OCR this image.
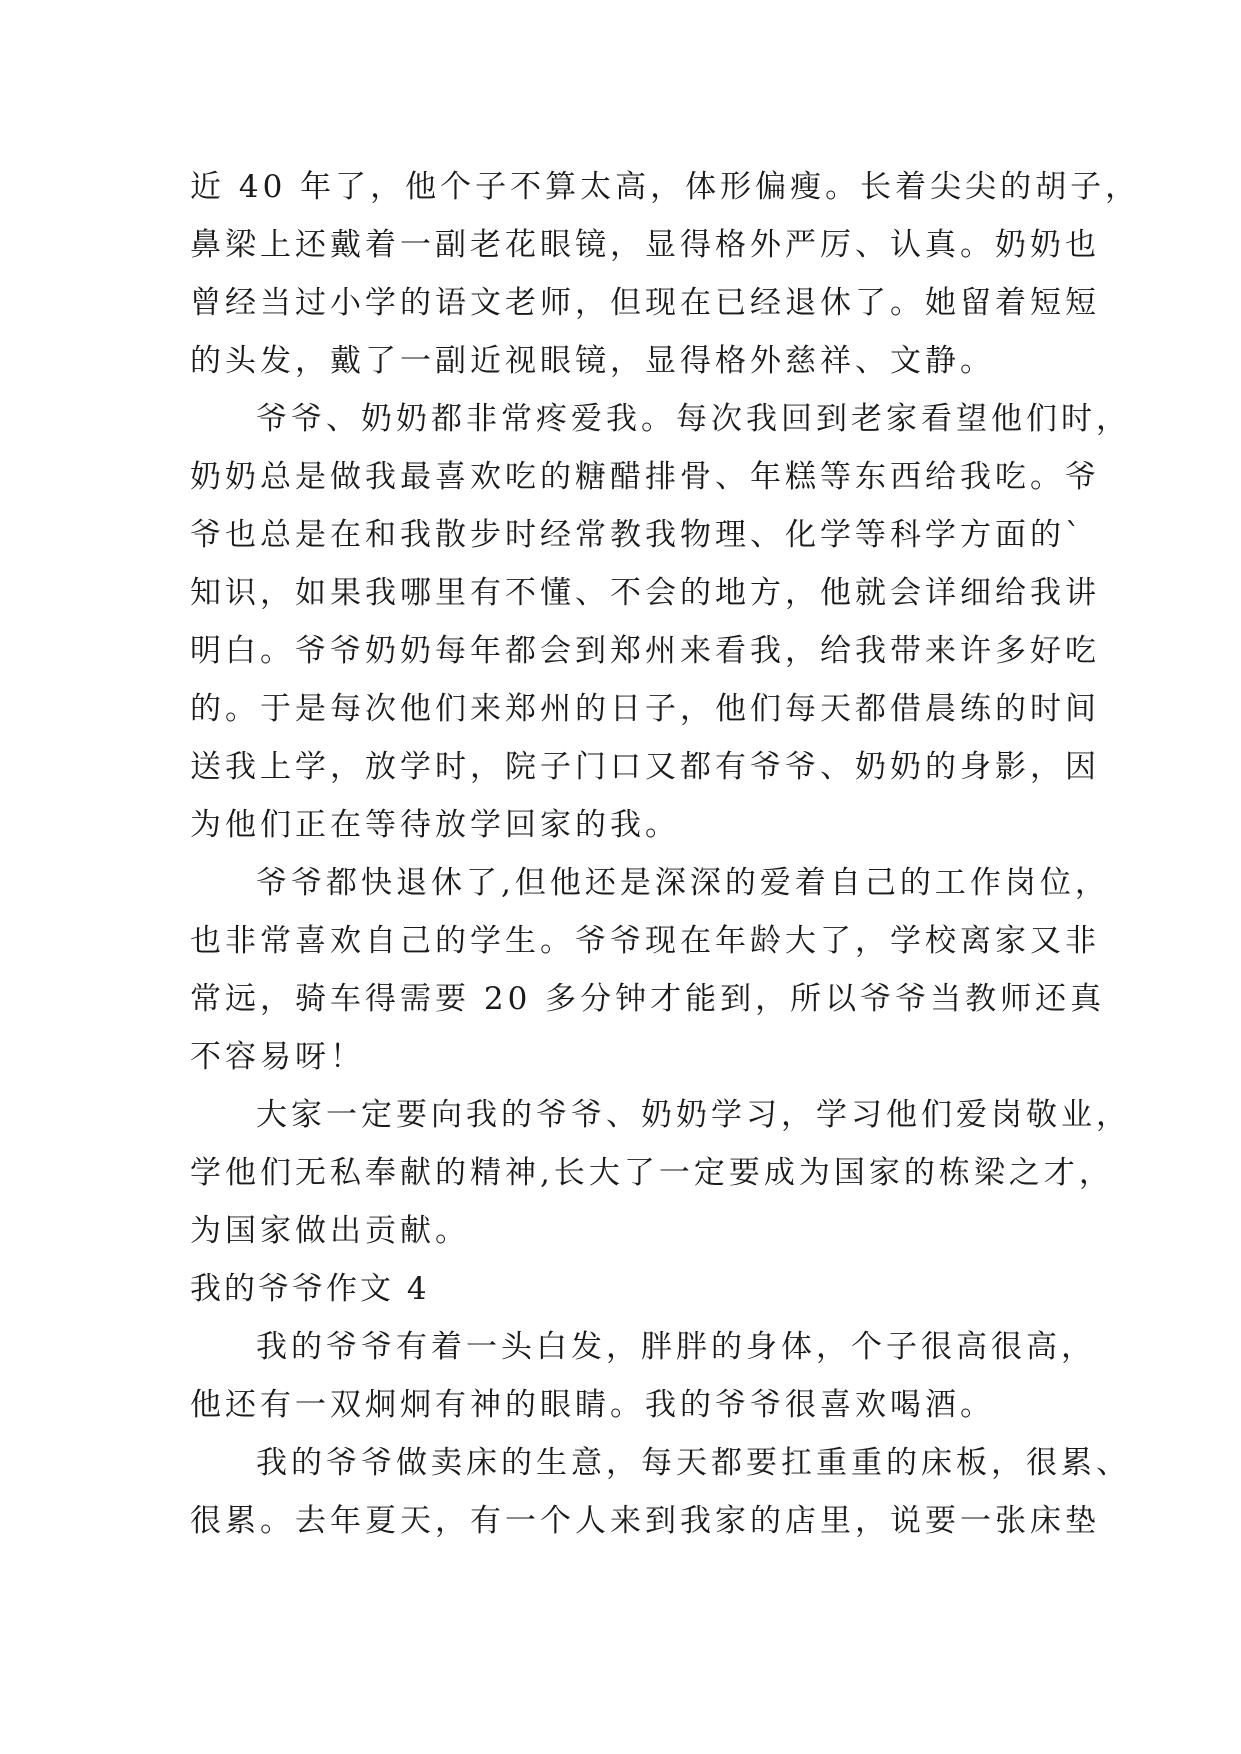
近 40 年了，他个子不算太高，体形偏瘦。长着尖尖的胡子，
鼻梁上还戴着一副老花眼镜，显得格外严厉、认真。奶奶也
曾经当过小学的语文老师，但现在已经退休了。她留着短短
的头发，戴了一副近视眼镜，显得格外慈祥、文静。
爷爷、奶奶都非常疼爱我。每次我回到老家看望他们时，
奶奶总是做我最喜欢吃的糖醋排骨、年糕等东西给我吃。爷
爷也总是在和我散步时经常教我物理、化学等科学方面的`
知识，如果我哪里有不懂、不会的地方，他就会详细给我讲
明白。爷爷奶奶每年都会到郑州来看我，给我带来许多好吃
的。于是每次他们来郑州的日子，他们每天都借晨练的时间
送我上学，放学时，院子门口又都有爷爷、奶奶的身影，因
为他们正在等待放学回家的我。
爷爷都快退休了,但他还是深深的爱着自己的工作岗位，
也非常喜欢自己的学生。爷爷现在年龄大了，学校离家又非
常远，骑车得需要 20 多分钟才能到，所以爷爷当教师还真
不容易呀！
大家一定要向我的爷爷、奶奶学习，学习他们爱岗敬业，
学他们无私奉献的精神,长大了一定要成为国家的栋梁之才，
为国家做出贡献。
我的爷爷作文 4
我的爷爷有着一头白发，胖胖的身体，个子很高很高，
他还有一双炯炯有神的眼睛。我的爷爷很喜欢喝酒。
我的爷爷做卖床的生意，每天都要扛重重的床板，很累、
很累。去年夏天，有一个人来到我家的店里，说要一张床垫
